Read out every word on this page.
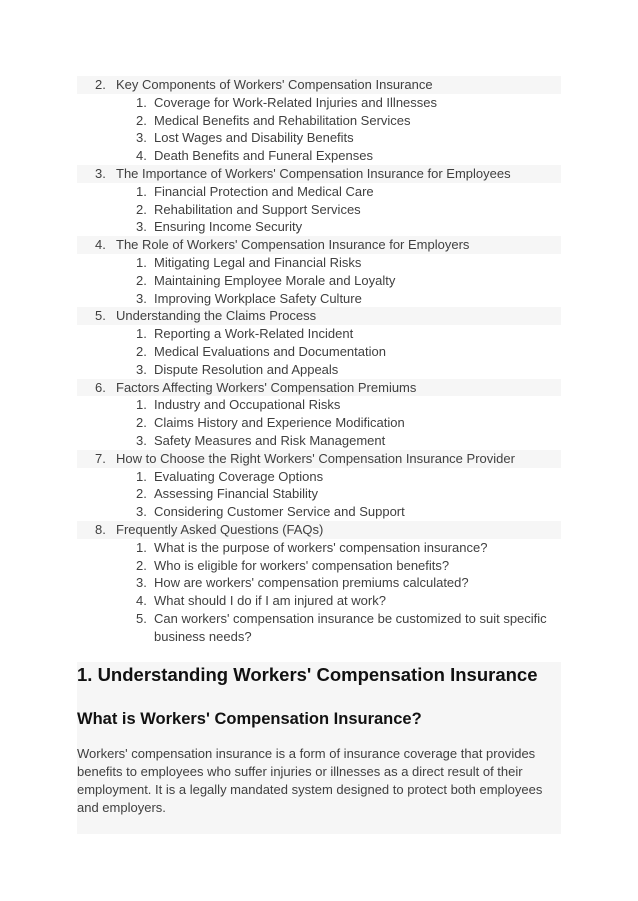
2. Key Components of Workers' Compensation Insurance
1. Coverage for Work-Related Injuries and Illnesses
2. Medical Benefits and Rehabilitation Services
3. Lost Wages and Disability Benefits
4. Death Benefits and Funeral Expenses
3. The Importance of Workers' Compensation Insurance for Employees
1. Financial Protection and Medical Care
2. Rehabilitation and Support Services
3. Ensuring Income Security
4. The Role of Workers' Compensation Insurance for Employers
1. Mitigating Legal and Financial Risks
2. Maintaining Employee Morale and Loyalty
3. Improving Workplace Safety Culture
5. Understanding the Claims Process
1. Reporting a Work-Related Incident
2. Medical Evaluations and Documentation
3. Dispute Resolution and Appeals
6. Factors Affecting Workers' Compensation Premiums
1. Industry and Occupational Risks
2. Claims History and Experience Modification
3. Safety Measures and Risk Management
7. How to Choose the Right Workers' Compensation Insurance Provider
1. Evaluating Coverage Options
2. Assessing Financial Stability
3. Considering Customer Service and Support
8. Frequently Asked Questions (FAQs)
1. What is the purpose of workers' compensation insurance?
2. Who is eligible for workers' compensation benefits?
3. How are workers' compensation premiums calculated?
4. What should I do if I am injured at work?
5. Can workers' compensation insurance be customized to suit specific business needs?
1. Understanding Workers' Compensation Insurance
What is Workers' Compensation Insurance?

Workers' compensation insurance is a form of insurance coverage that provides benefits to employees who suffer injuries or illnesses as a direct result of their employment. It is a legally mandated system designed to protect both employees and employers.
